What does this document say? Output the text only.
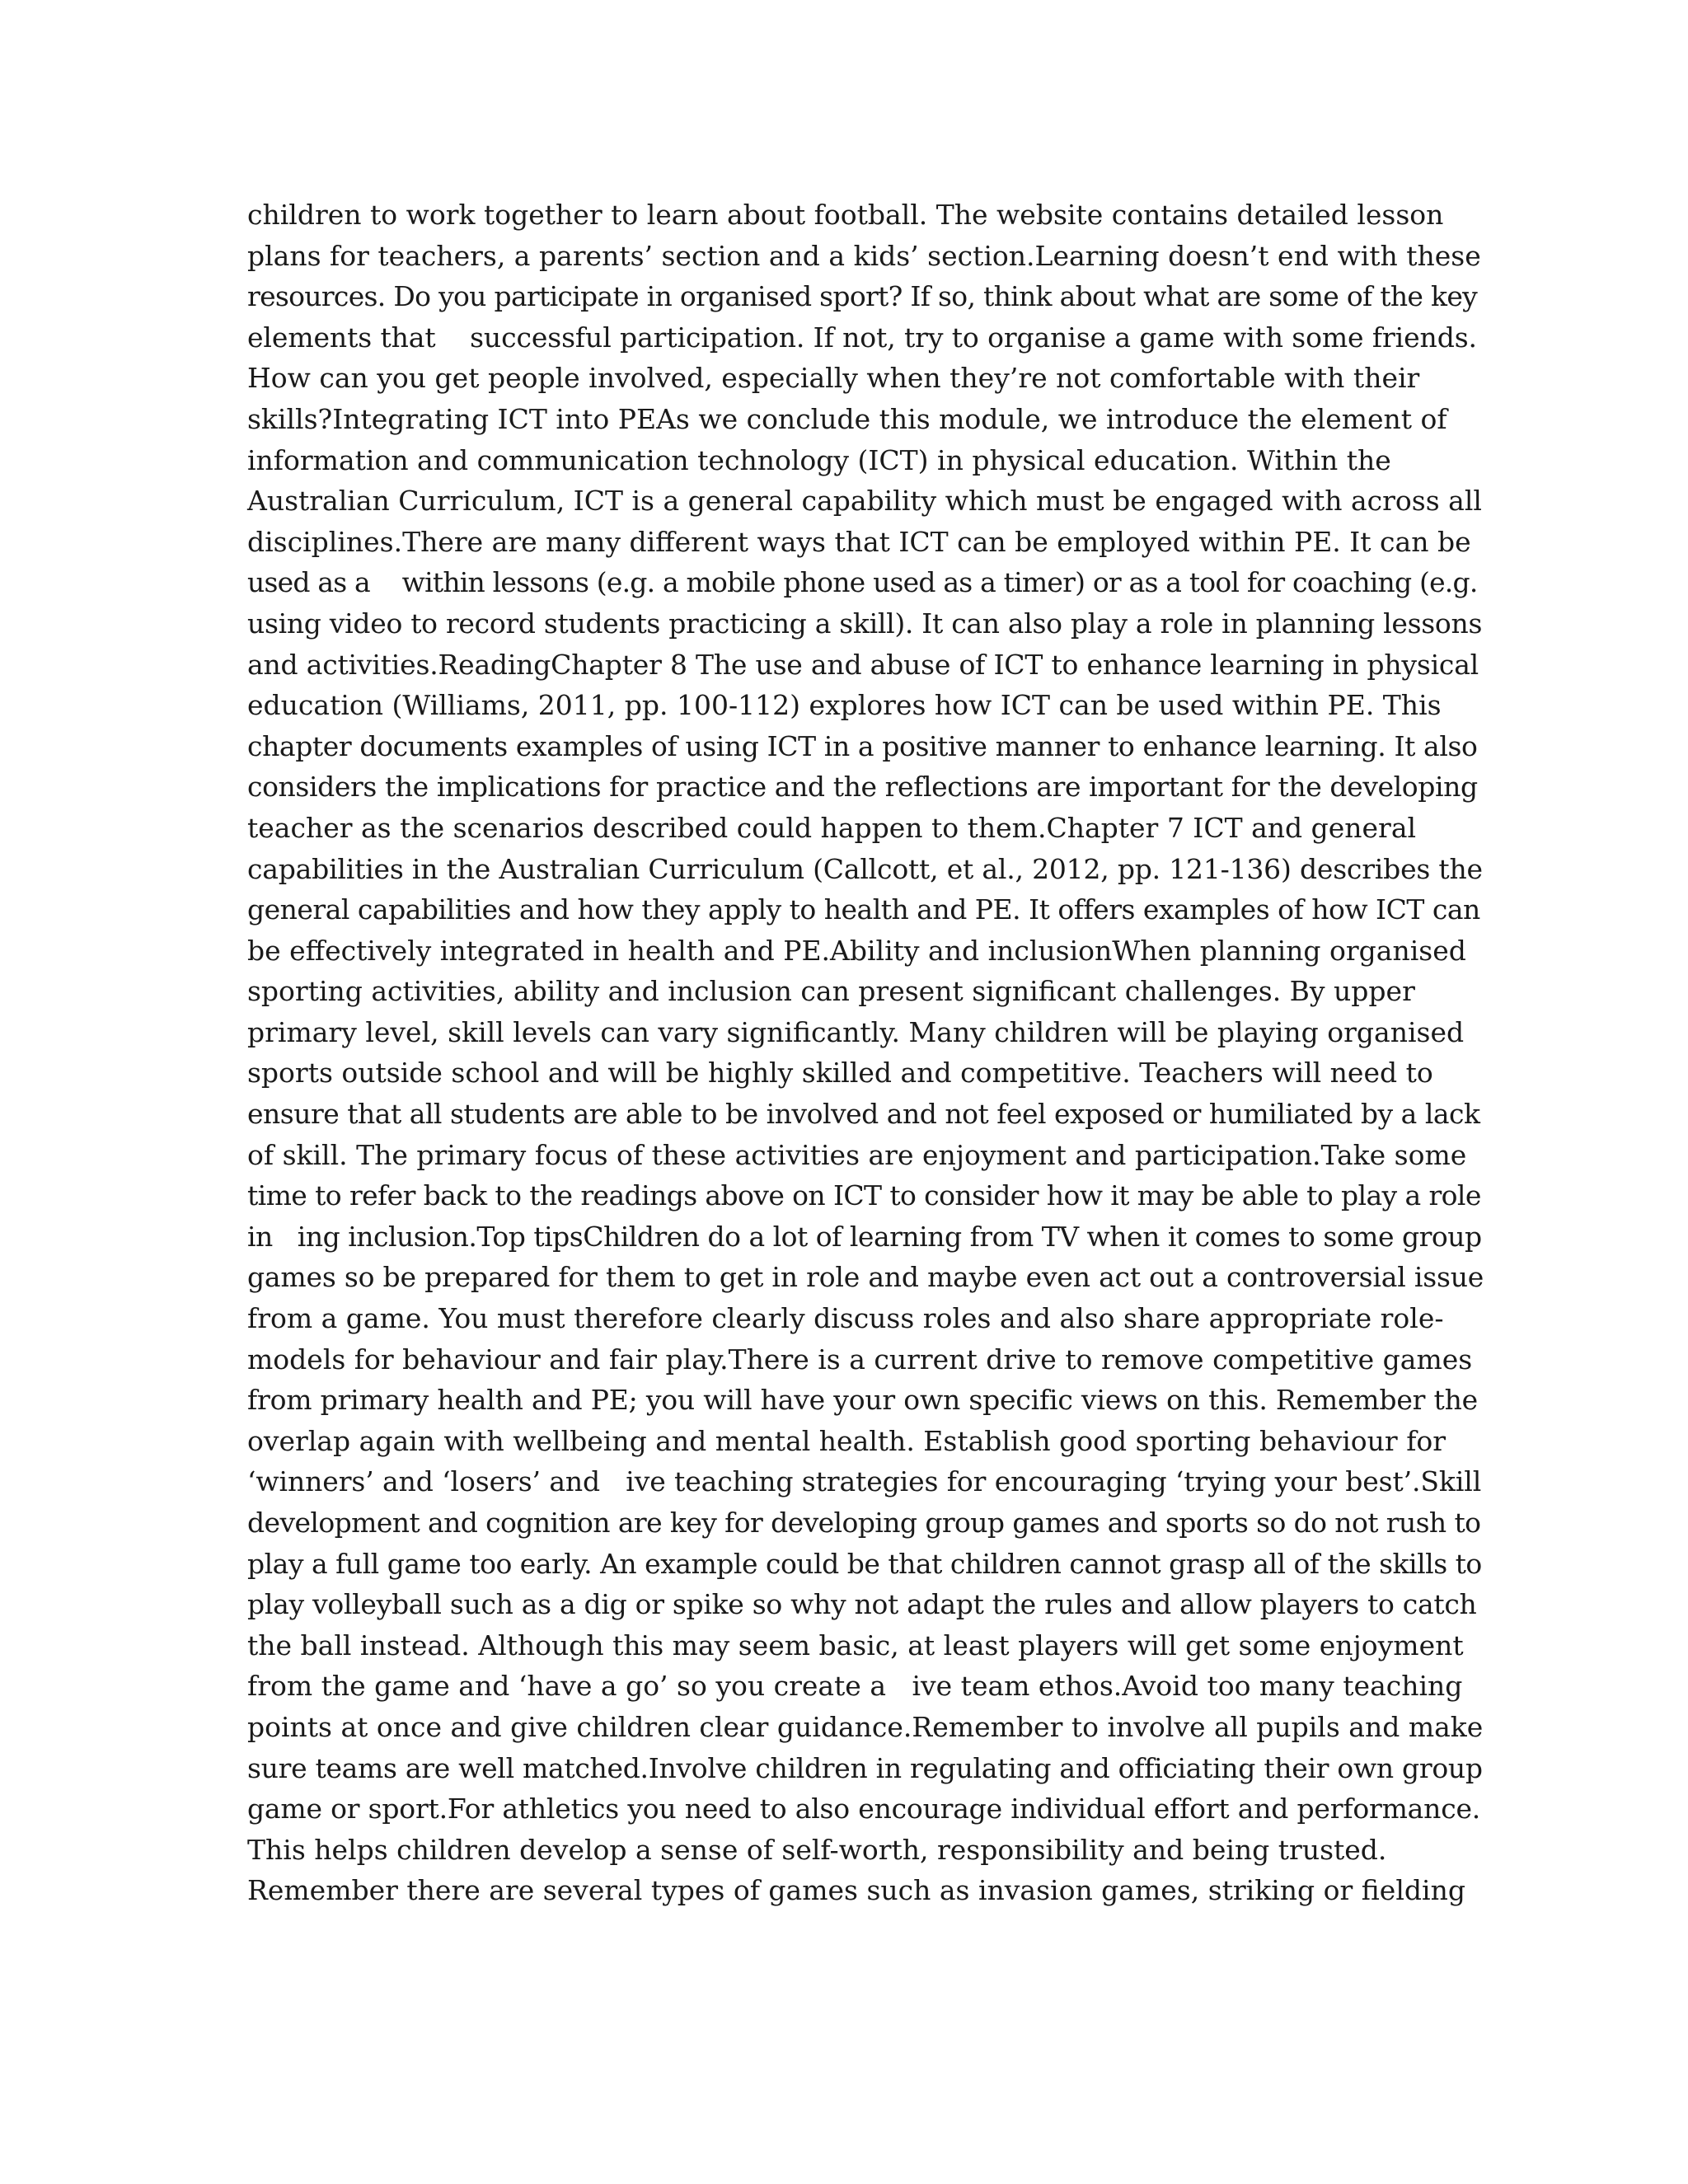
children to work together to learn about football. The website contains detailed lesson
plans for teachers, a parents’ section and a kids’ section.Learning doesn’t end with these
resources. Do you participate in organised sport? If so, think about what are some of the key
elements that    successful participation. If not, try to organise a game with some friends.
How can you get people involved, especially when they’re not comfortable with their
skills?Integrating ICT into PEAs we conclude this module, we introduce the element of
information and communication technology (ICT) in physical education. Within the
Australian Curriculum, ICT is a general capability which must be engaged with across all
disciplines.There are many different ways that ICT can be employed within PE. It can be
used as a    within lessons (e.g. a mobile phone used as a timer) or as a tool for coaching (e.g.
using video to record students practicing a skill). It can also play a role in planning lessons
and activities.ReadingChapter 8 The use and abuse of ICT to enhance learning in physical
education (Williams, 2011, pp. 100-112) explores how ICT can be used within PE. This
chapter documents examples of using ICT in a positive manner to enhance learning. It also
considers the implications for practice and the reflections are important for the developing
teacher as the scenarios described could happen to them.Chapter 7 ICT and general
capabilities in the Australian Curriculum (Callcott, et al., 2012, pp. 121-136) describes the
general capabilities and how they apply to health and PE. It offers examples of how ICT can
be effectively integrated in health and PE.Ability and inclusionWhen planning organised
sporting activities, ability and inclusion can present significant challenges. By upper
primary level, skill levels can vary significantly. Many children will be playing organised
sports outside school and will be highly skilled and competitive. Teachers will need to
ensure that all students are able to be involved and not feel exposed or humiliated by a lack
of skill. The primary focus of these activities are enjoyment and participation.Take some
time to refer back to the readings above on ICT to consider how it may be able to play a role
in   ing inclusion.Top tipsChildren do a lot of learning from TV when it comes to some group
games so be prepared for them to get in role and maybe even act out a controversial issue
from a game. You must therefore clearly discuss roles and also share appropriate role-
models for behaviour and fair play.There is a current drive to remove competitive games
from primary health and PE; you will have your own specific views on this. Remember the
overlap again with wellbeing and mental health. Establish good sporting behaviour for
‘winners’ and ‘losers’ and   ive teaching strategies for encouraging ‘trying your best’.Skill
development and cognition are key for developing group games and sports so do not rush to
play a full game too early. An example could be that children cannot grasp all of the skills to
play volleyball such as a dig or spike so why not adapt the rules and allow players to catch
the ball instead. Although this may seem basic, at least players will get some enjoyment
from the game and ‘have a go’ so you create a   ive team ethos.Avoid too many teaching
points at once and give children clear guidance.Remember to involve all pupils and make
sure teams are well matched.Involve children in regulating and officiating their own group
game or sport.For athletics you need to also encourage individual effort and performance.
This helps children develop a sense of self-worth, responsibility and being trusted.
Remember there are several types of games such as invasion games, striking or fielding
